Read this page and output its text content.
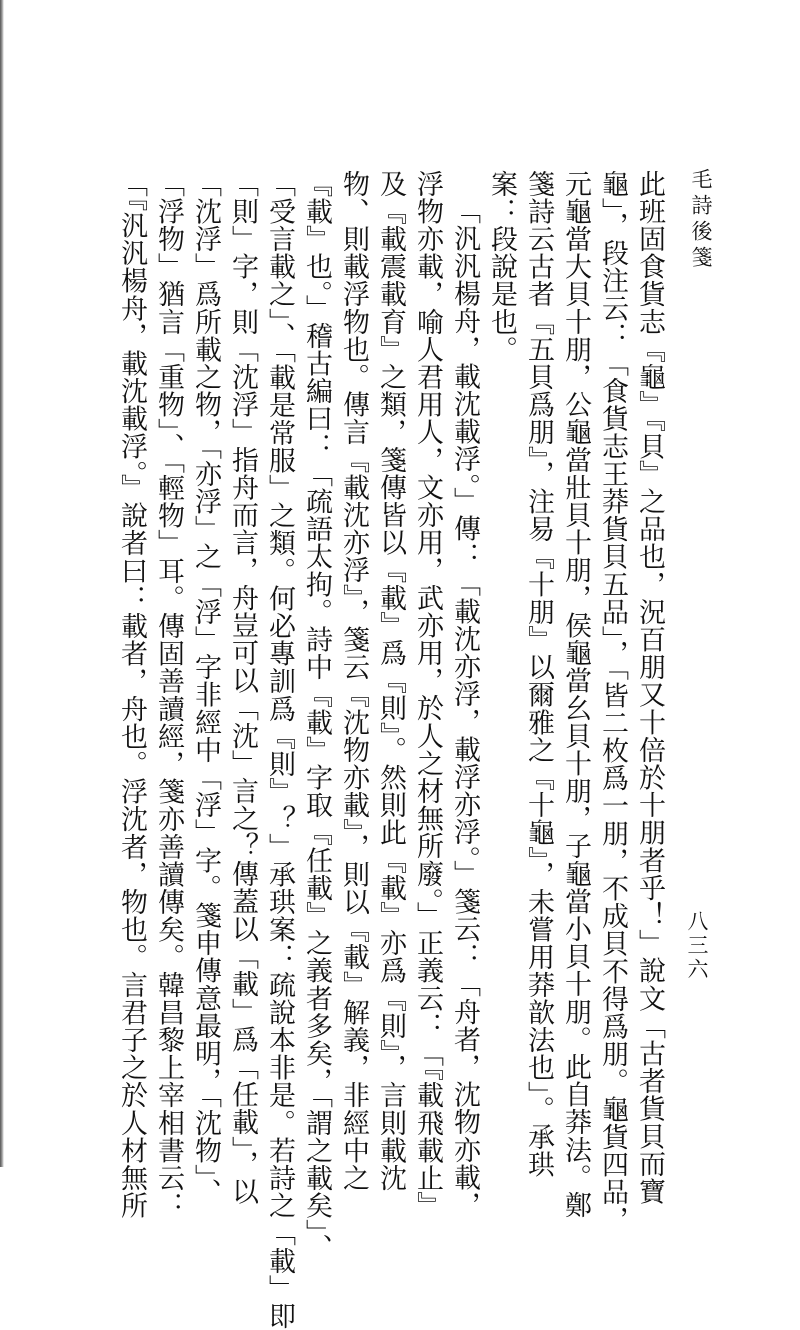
毛詩後箋
八三六
此班固食貨志『龜』『貝』之品也，況百朋又十倍於十朋者乎！」說文「古者貨貝而寶
龜」，段注云：「食貨志王莽貨貝五品」，「皆二枚爲一朋，不成貝不得爲朋。龜貨四品，
元龜當大貝十朋，公龜當壯貝十朋，侯龜當幺貝十朋，子龜當小貝十朋。此自莽法。鄭
箋詩云古者『五貝爲朋』，注易『十朋』以爾雅之『十龜』，未嘗用莽歆法也」。承珙
案：段說是也。
「汎汎楊舟，載沈載浮。」傳：「載沈亦浮，載浮亦浮。」箋云：「舟者，沈物亦載，
浮物亦載，喻人君用人，文亦用，武亦用，於人之材無所廢。」正義云：「『載飛載止』
及『載震載育』之類，箋傳皆以『載』爲『則』。然則此『載』亦爲『則』，言則載沈
物、則載浮物也。傳言『載沈亦浮』，箋云『沈物亦載』，則以『載』解義，非經中之
『載』也。」稽古編曰：「疏語太拘。詩中『載』字取『任載』之義者多矣，「謂之載矣」、
「受言載之」、「載是常服」之類。何必專訓爲『則』？」承珙案：疏說本非是。若詩之「載」即
「則」字，則「沈浮」指舟而言，舟豈可以「沈」言之？傳蓋以「載」爲「任載」，以
「沈浮」爲所載之物，「亦浮」之「浮」字非經中「浮」字。箋申傳意最明，「沈物」、
「浮物」猶言「重物」、「輕物」耳。傳固善讀經，箋亦善讀傳矣。韓昌黎上宰相書云：
「『汎汎楊舟，載沈載浮。』說者曰：載者，舟也。浮沈者，物也。言君子之於人材無所
